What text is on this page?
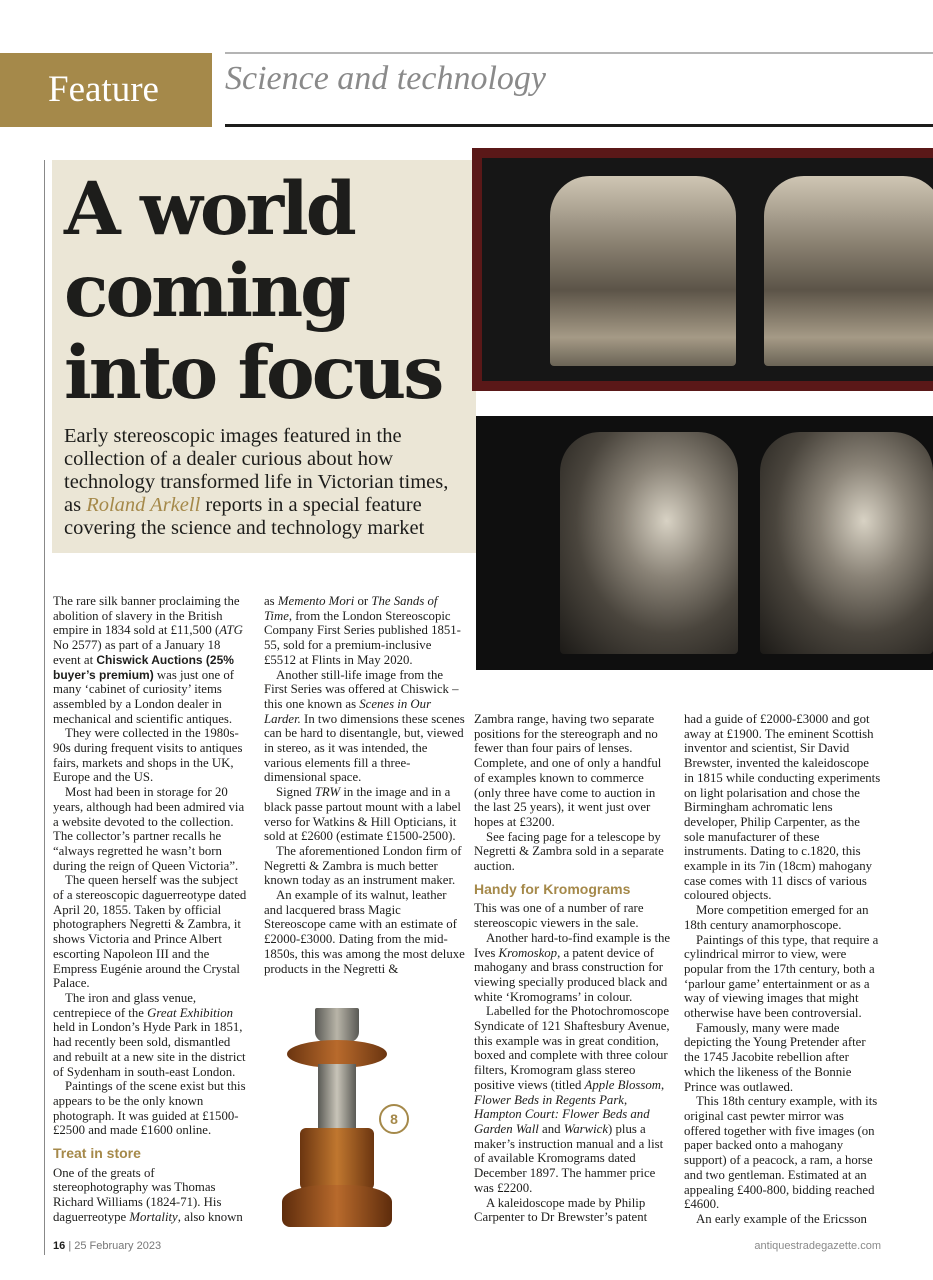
Feature	Science and technology
A world
coming
into focus
Early stereoscopic images featured in the collection of a dealer curious about how technology transformed life in Victorian times, as Roland Arkell reports in a special feature covering the science and technology market

The rare silk banner proclaiming the abolition of slavery in the British empire in 1834 sold at £11,500 (ATG No 2577) as part of a January 18 event at Chiswick Auctions (25% buyer’s premium) was just one of many ‘cabinet of curiosity’ items assembled by a London dealer in mechanical and scientific antiques.

They were collected in the 1980s-90s during frequent visits to antiques fairs, markets and shops in the UK, Europe and the US.

Most had been in storage for 20 years, although had been admired via a website devoted to the collection. The collector’s partner recalls he “always regretted he wasn’t born during the reign of Queen Victoria”.

The queen herself was the subject of a stereoscopic daguerreotype dated April 20, 1855. Taken by official photographers Negretti & Zambra, it shows Victoria and Prince Albert escorting Napoleon III and the Empress Eugénie around the Crystal Palace.

The iron and glass venue, centrepiece of the Great Exhibition held in London’s Hyde Park in 1851, had recently been sold, dismantled and rebuilt at a new site in the district of Sydenham in south-east London.

Paintings of the scene exist but this appears to be the only known photograph. It was guided at £1500-£2500 and made £1600 online.

Treat in store

One of the greats of stereophotography was Thomas Richard Williams (1824-71). His daguerreotype Mortality, also known

as Memento Mori or The Sands of Time, from the London Stereoscopic Company First Series published 1851-55, sold for a premium-inclusive £5512 at Flints in May 2020.

Another still-life image from the First Series was offered at Chiswick – this one known as Scenes in Our Larder. In two dimensions these scenes can be hard to disentangle, but, viewed in stereo, as it was intended, the various elements fill a three-dimensional space.

Signed TRW in the image and in a black passe partout mount with a label verso for Watkins & Hill Opticians, it sold at £2600 (estimate £1500-2500).

The aforementioned London firm of Negretti & Zambra is much better known today as an instrument maker.

An example of its walnut, leather and lacquered brass Magic Stereoscope came with an estimate of £2000-£3000. Dating from the mid-1850s, this was among the most deluxe products in the Negretti &

8

Zambra range, having two separate positions for the stereograph and no fewer than four pairs of lenses. Complete, and one of only a handful of examples known to commerce (only three have come to auction in the last 25 years), it went just over hopes at £3200.

See facing page for a telescope by Negretti & Zambra sold in a separate auction.

Handy for Kromograms

This was one of a number of rare stereoscopic viewers in the sale.

Another hard-to-find example is the Ives Kromoskop, a patent device of mahogany and brass construction for viewing specially produced black and white ‘Kromograms’ in colour.

Labelled for the Photochromoscope Syndicate of 121 Shaftesbury Avenue, this example was in great condition, boxed and complete with three colour filters, Kromogram glass stereo positive views (titled Apple Blossom, Flower Beds in Regents Park, Hampton Court: Flower Beds and Garden Wall and Warwick) plus a maker’s instruction manual and a list of available Kromograms dated December 1897. The hammer price was £2200.

A kaleidoscope made by Philip Carpenter to Dr Brewster’s patent

had a guide of £2000-£3000 and got away at £1900. The eminent Scottish inventor and scientist, Sir David Brewster, invented the kaleidoscope in 1815 while conducting experiments on light polarisation and chose the Birmingham achromatic lens developer, Philip Carpenter, as the sole manufacturer of these instruments. Dating to c.1820, this example in its 7in (18cm) mahogany case comes with 11 discs of various coloured objects.

More competition emerged for an 18th century anamorphoscope.

Paintings of this type, that require a cylindrical mirror to view, were popular from the 17th century, both a ‘parlour game’ entertainment or as a way of viewing images that might otherwise have been controversial.

Famously, many were made depicting the Young Pretender after the 1745 Jacobite rebellion after which the likeness of the Bonnie Prince was outlawed.

This 18th century example, with its original cast pewter mirror was offered together with five images (on paper backed onto a mahogany support) of a peacock, a ram, a horse and two gentleman. Estimated at an appealing £400-800, bidding reached £4600.

An early example of the Ericsson

16 | 25 February 2023	antiquestradegazette.com
